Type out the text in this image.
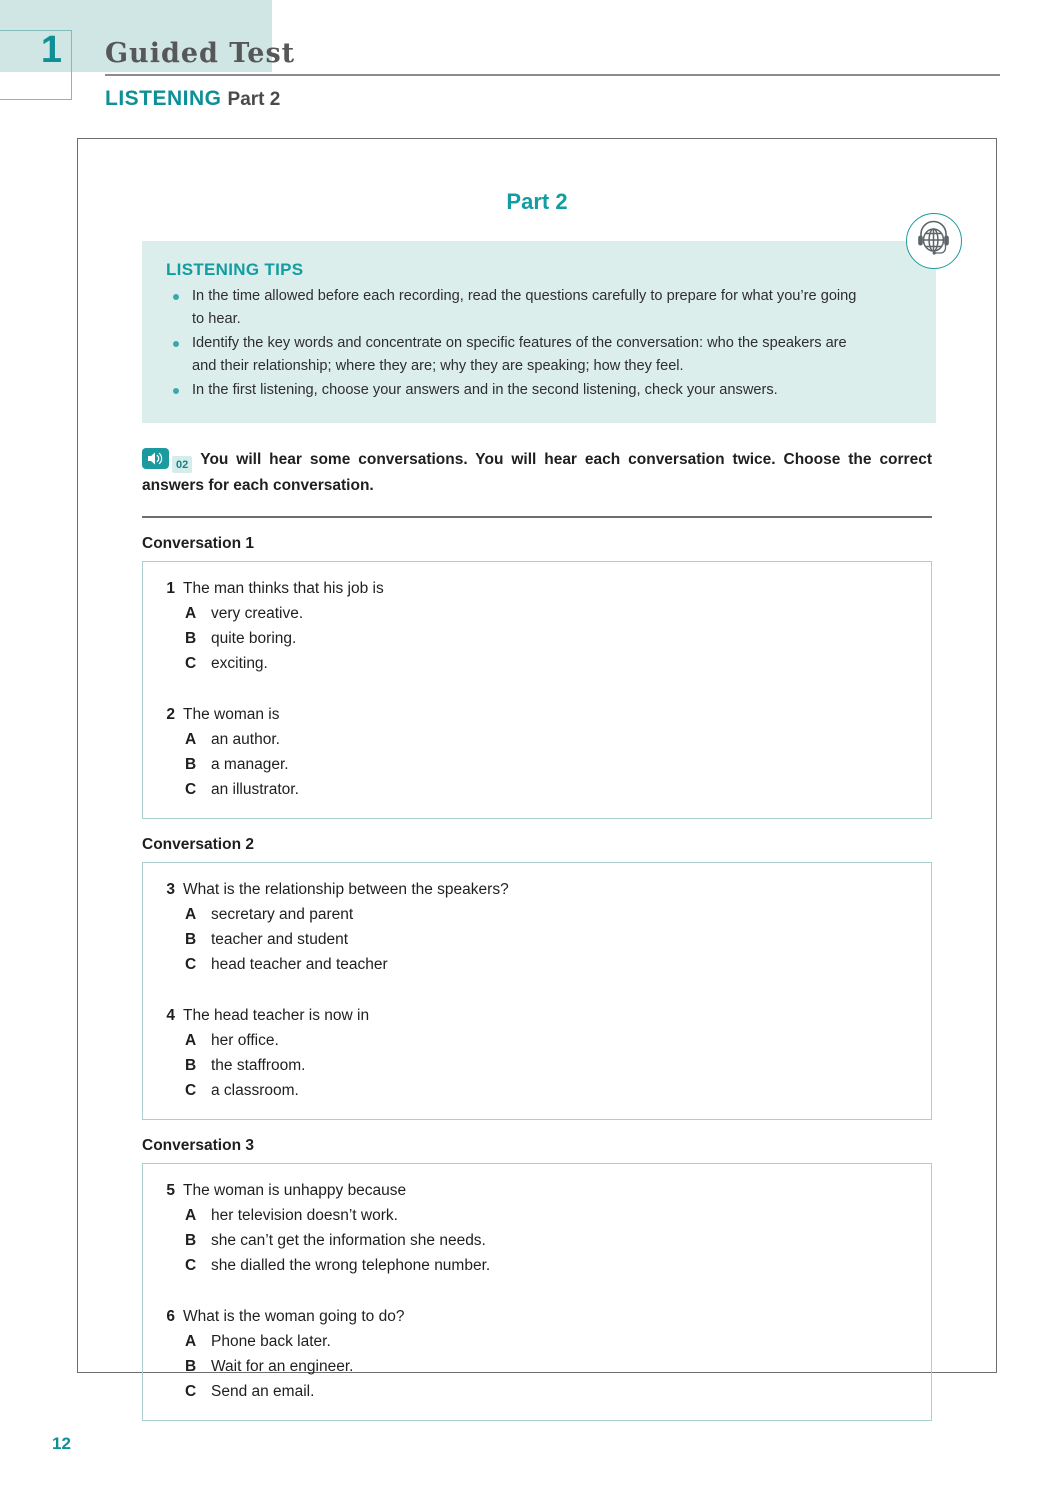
1	Guided Test
LISTENING Part 2
Part 2
LISTENING TIPS
In the time allowed before each recording, read the questions carefully to prepare for what you’re going to hear.
Identify the key words and concentrate on specific features of the conversation: who the speakers are and their relationship; where they are; why they are speaking; how they feel.
In the first listening, choose your answers and in the second listening, check your answers.
02 You will hear some conversations. You will hear each conversation twice. Choose the correct answers for each conversation.
Conversation 1
1 The man thinks that his job is
A very creative.
B quite boring.
C exciting.
2 The woman is
A an author.
B a manager.
C an illustrator.
Conversation 2
3 What is the relationship between the speakers?
A secretary and parent
B teacher and student
C head teacher and teacher
4 The head teacher is now in
A her office.
B the staffroom.
C a classroom.
Conversation 3
5 The woman is unhappy because
A her television doesn’t work.
B she can’t get the information she needs.
C she dialled the wrong telephone number.
6 What is the woman going to do?
A Phone back later.
B Wait for an engineer.
C Send an email.
12
